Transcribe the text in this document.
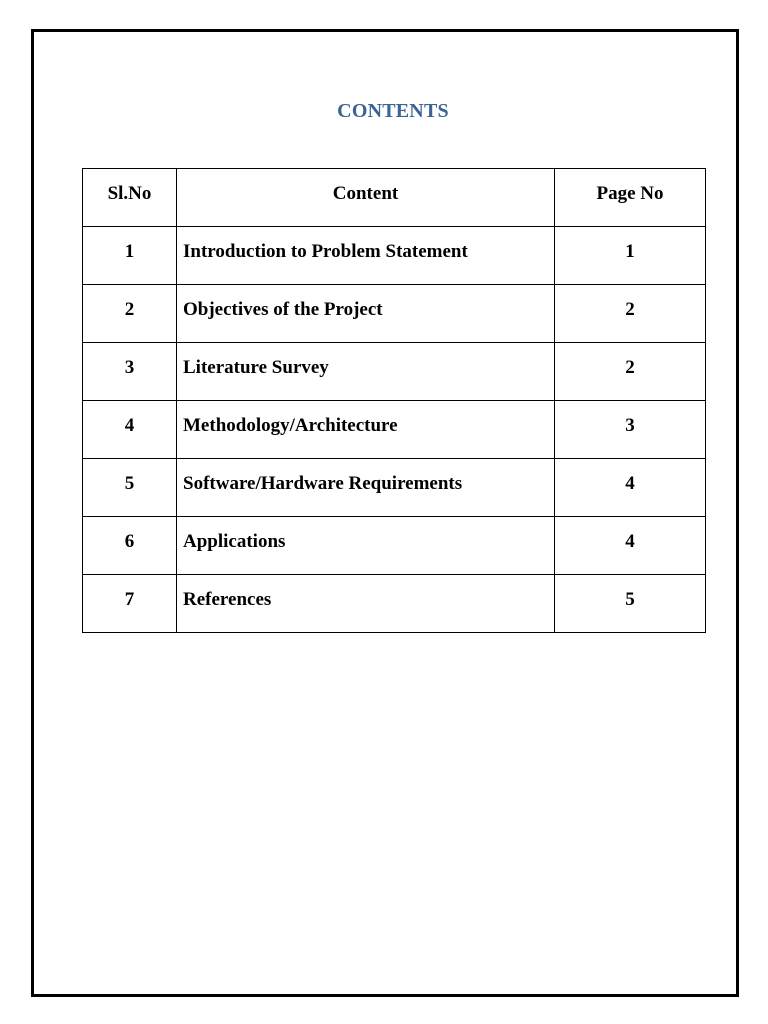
CONTENTS
Sl.No	Content	Page No
1	Introduction to Problem Statement	1
2	Objectives of the Project	2
3	Literature Survey	2
4	Methodology/Architecture	3
5	Software/Hardware Requirements	4
6	Applications	4
7	References	5
